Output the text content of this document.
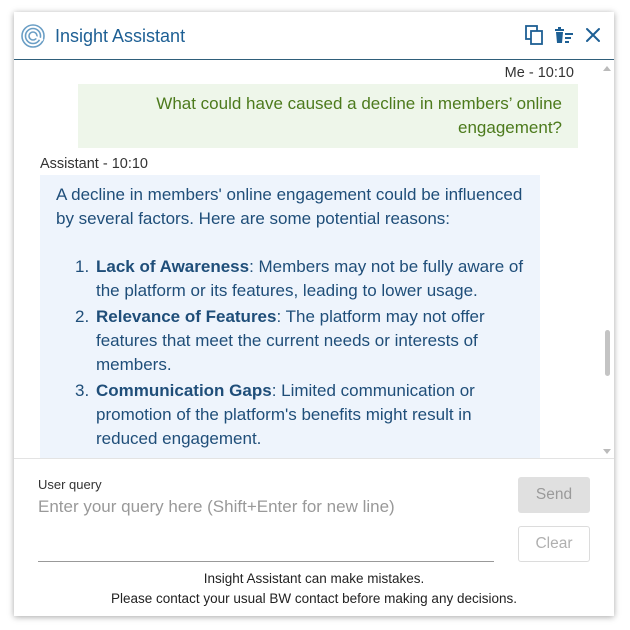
Insight Assistant
Me - 10:10
What could have caused a decline in members’ online engagement?
Assistant - 10:10
A decline in members' online engagement could be influenced by several factors. Here are some potential reasons:
1. Lack of Awareness: Members may not be fully aware of the platform or its features, leading to lower usage.
2. Relevance of Features: The platform may not offer features that meet the current needs or interests of members.
3. Communication Gaps: Limited communication or promotion of the platform's benefits might result in reduced engagement.
User query
Enter your query here (Shift+Enter for new line)
Send
Clear
Insight Assistant can make mistakes.
Please contact your usual BW contact before making any decisions.
